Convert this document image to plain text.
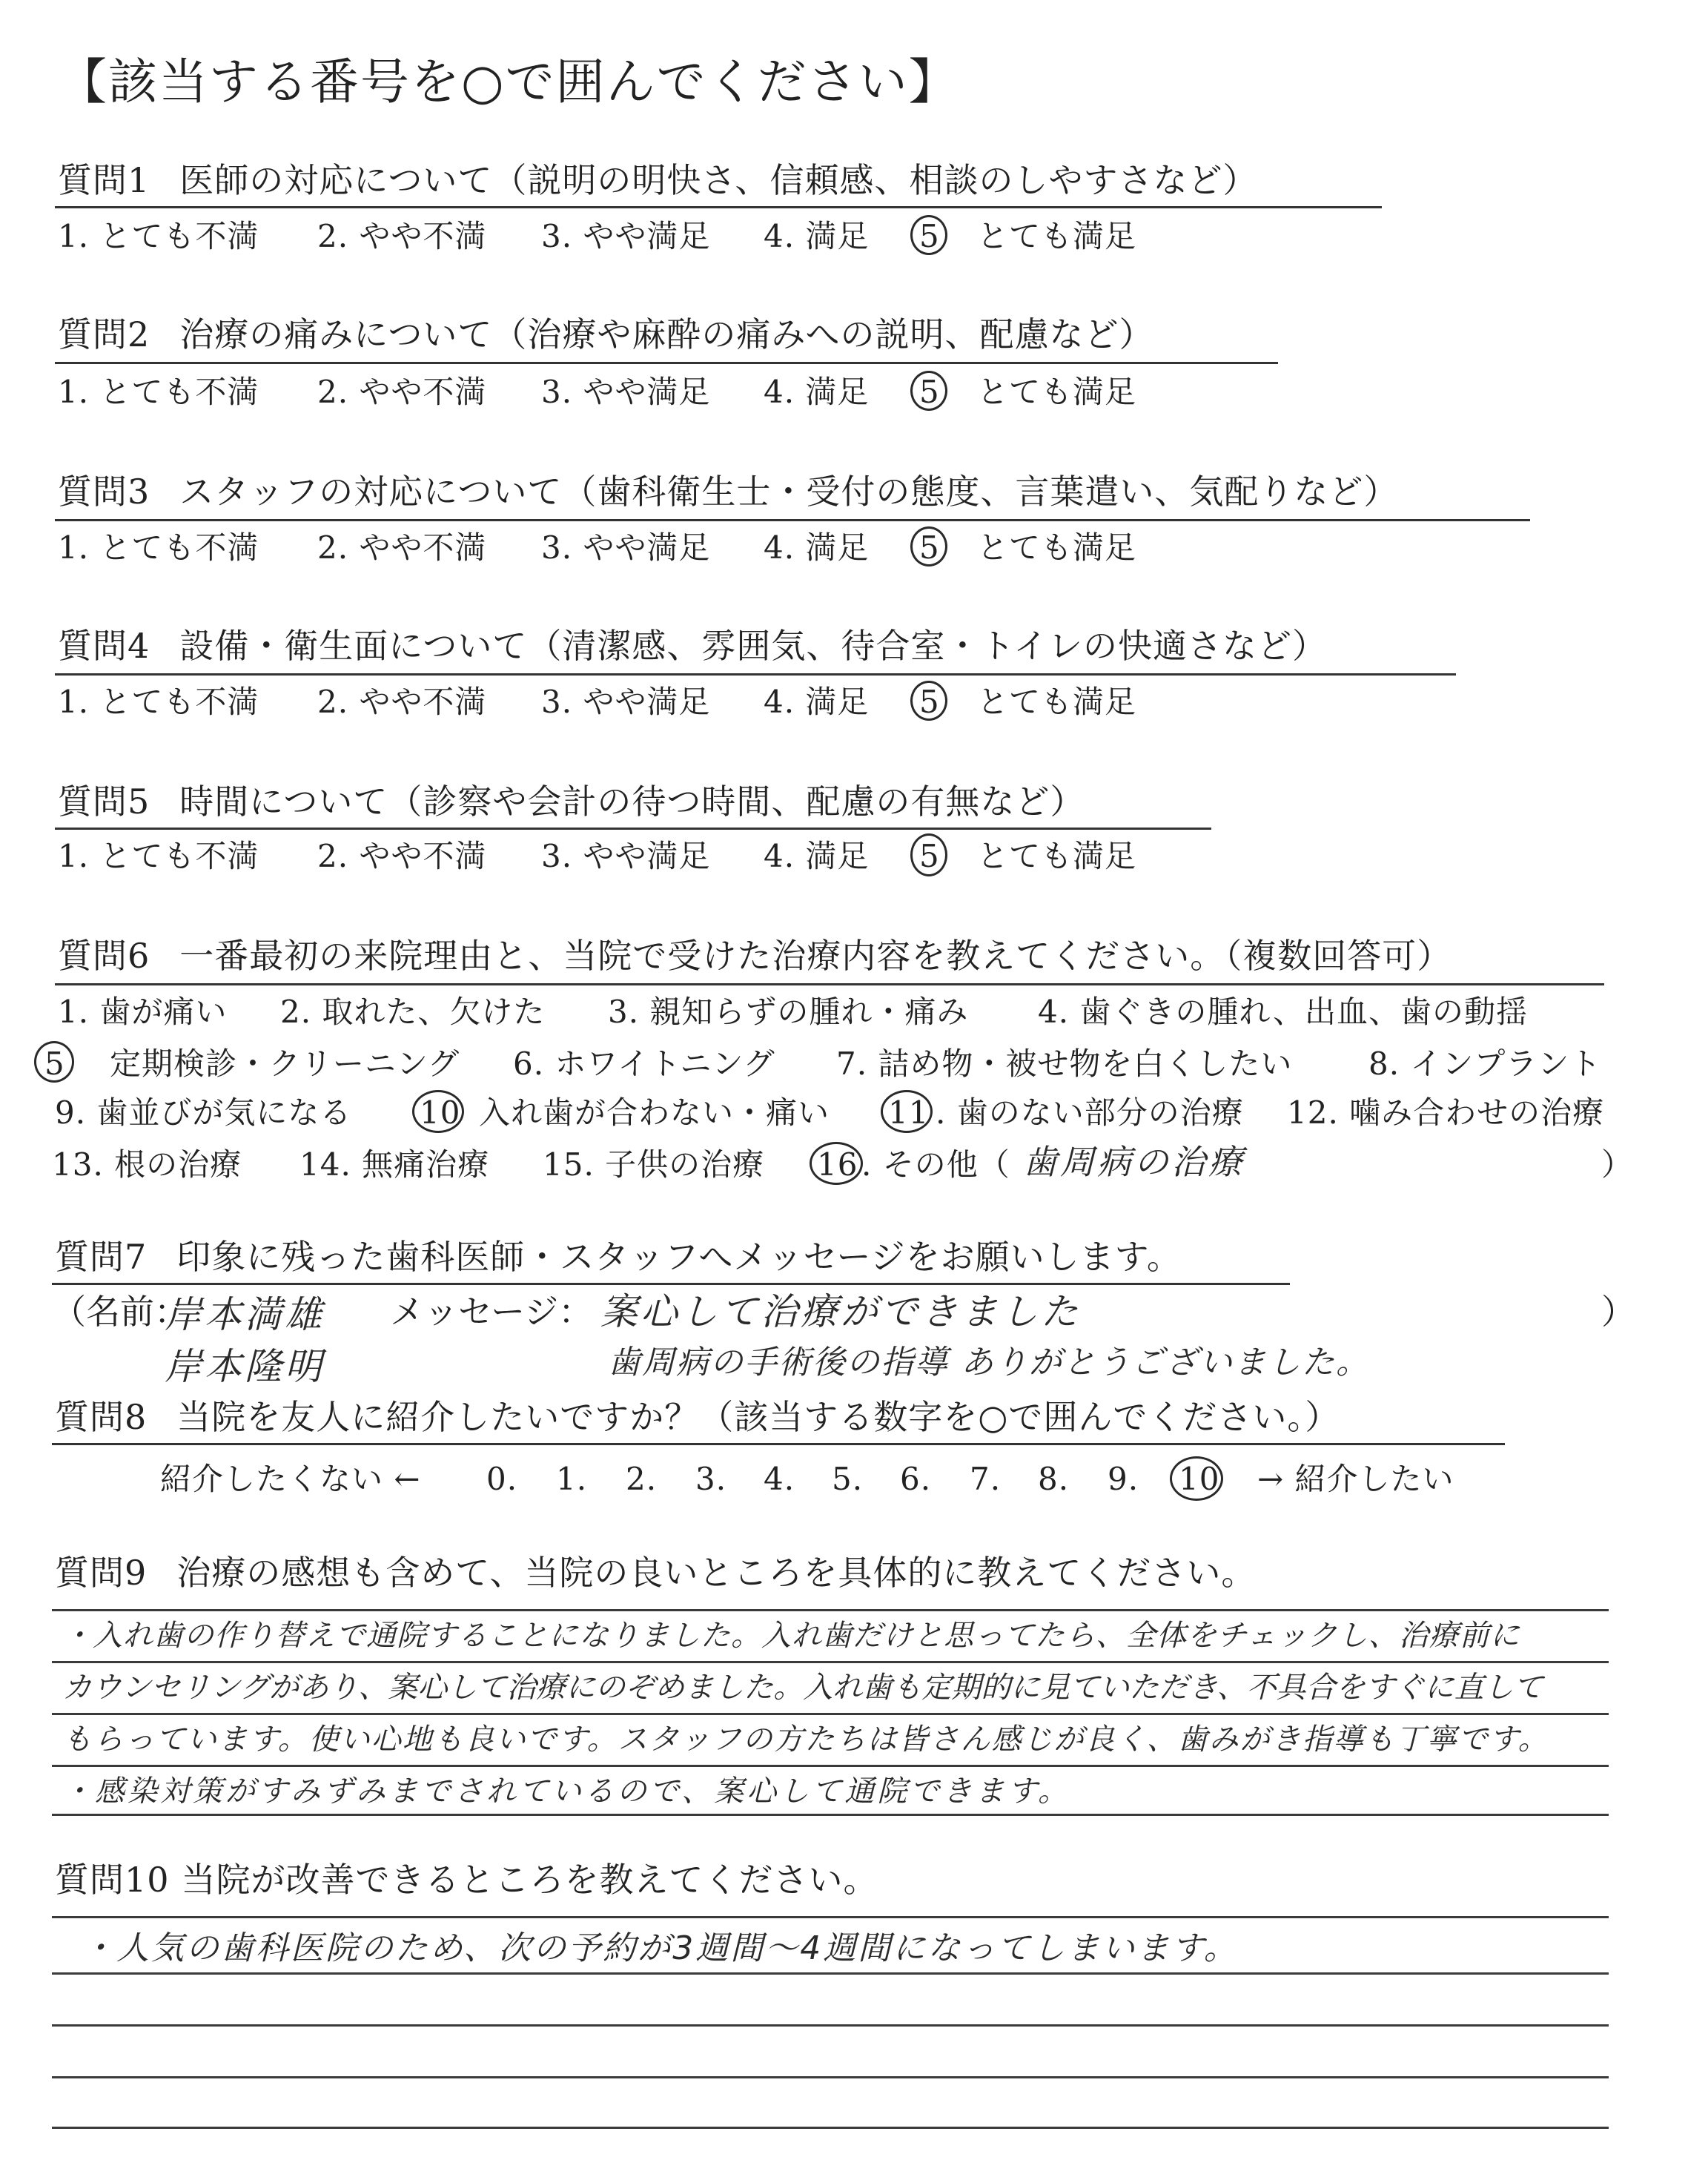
【該当する番号を○で囲んでください】
質問1 医師の対応について（説明の明快さ、信頼感、相談のしやすさなど）
1. とても不満 2. やや不満 3. やや満足 4. 満足 5 とても満足
質問2 治療の痛みについて（治療や麻酔の痛みへの説明、配慮など）
1. とても不満 2. やや不満 3. やや満足 4. 満足 5 とても満足
質問3 スタッフの対応について（歯科衛生士・受付の態度、言葉遣い、気配りなど）
1. とても不満 2. やや不満 3. やや満足 4. 満足 5 とても満足
質問4 設備・衛生面について（清潔感、雰囲気、待合室・トイレの快適さなど）
1. とても不満 2. やや不満 3. やや満足 4. 満足 5 とても満足
質問5 時間について（診察や会計の待つ時間、配慮の有無など）
1. とても不満 2. やや不満 3. やや満足 4. 満足 5 とても満足
質問6 一番最初の来院理由と、当院で受けた治療内容を教えてください。（複数回答可）
1. 歯が痛い 2. 取れた、欠けた 3. 親知らずの腫れ・痛み 4. 歯ぐきの腫れ、出血、歯の動揺
5 定期検診・クリーニング 6. ホワイトニング 7. 詰め物・被せ物を白くしたい 8. インプラント
9. 歯並びが気になる 10 入れ歯が合わない・痛い 11 . 歯のない部分の治療 12. 噛み合わせの治療
13. 根の治療 14. 無痛治療 15. 子供の治療 16 . その他（ 歯周病の治療	）
質問7 印象に残った歯科医師・スタッフへメッセージをお願いします。
（名前：
岸本満雄
岸本隆明
メッセージ： 案心して治療ができました
歯周病の手術後の指導 ありがとうございました。
）
質問8 当院を友人に紹介したいですか？（該当する数字を○で囲んでください。）
紹介したくない ← 0. 1. 2. 3. 4. 5. 6. 7. 8. 9. 10 → 紹介したい
質問9 治療の感想も含めて、当院の良いところを具体的に教えてください。
・入れ歯の作り替えで通院することになりました。入れ歯だけと思ってたら、全体をチェックし、治療前に
カウンセリングがあり、案心して治療にのぞめました。入れ歯も定期的に見ていただき、不具合をすぐに直して
もらっています。使い心地も良いです。スタッフの方たちは皆さん感じが良く、歯みがき指導も丁寧です。
・感染対策がすみずみまでされているので、案心して通院できます。
質問10 当院が改善できるところを教えてください。
・人気の歯科医院のため、次の予約が3週間〜4週間になってしまいます。
